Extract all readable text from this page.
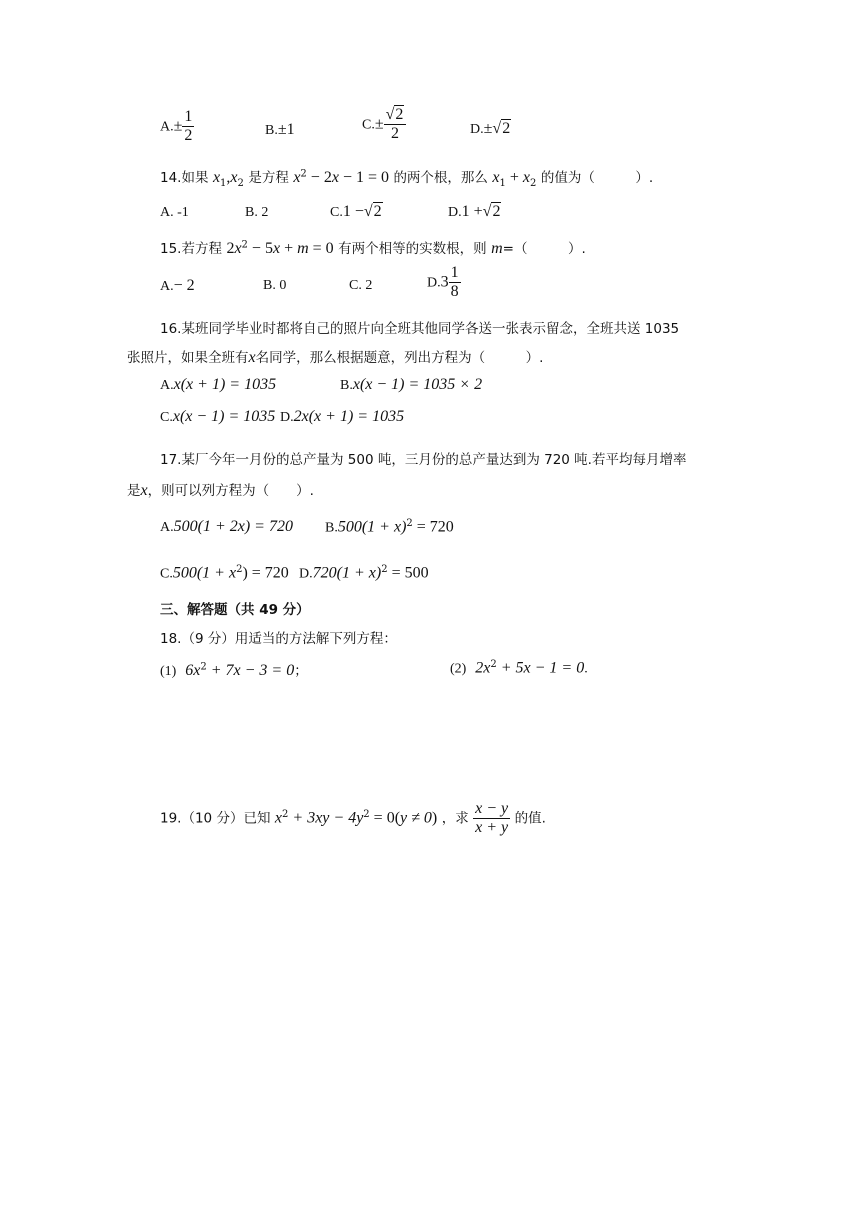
$A.\pm \frac{1}{2}$	B.±1	$C.\pm \frac{√2}{2}$	D.±√2
14.如果 $x_1,x_2$ 是方程 $x^2 - 2x - 1 = 0$ 的两个根，那么 $x_1 + x_2$ 的值为（　　　）.
A. -1	B. 2	C.1 −√2	D.1 +√2
15.若方程 $2x^2 - 5x + m = 0$ 有两个相等的实数根，则 m=（　　　）.
A.− 2	B. 0	C. 2	$D.3 \frac{1}{8}$
16.某班同学毕业时都将自己的照片向全班其他同学各送一张表示留念，全班共送 1035
张照片，如果全班有x名同学，那么根据题意，列出方程为（　　　）.
A.x(x + 1) = 1035	B.x(x − 1) = 1035 × 2
C.x(x − 1) = 1035 D.2x(x + 1) = 1035
17.某厂今年一月份的总产量为 500 吨，三月份的总产量达到为 720 吨.若平均每月增率
是x，则可以列方程为（　　）.
A.500(1 + 2x) = 720 $B.500(1 + x)^2 = 720$
$C.500(1 + x^2) = 720$ $D.720(1 + x)^2 = 500$
三、解答题（共 49 分）
18.（9 分）用适当的方法解下列方程：
(1) $6x^2 + 7x - 3 = 0$；	(2) $2x^2 + 5x - 1 = 0$.
19.（10 分）已知 $x^2 + 3xy - 4y^2 = 0(y \ne 0)$ ，求 $\frac{x - y}{x + y}$ 的值.
